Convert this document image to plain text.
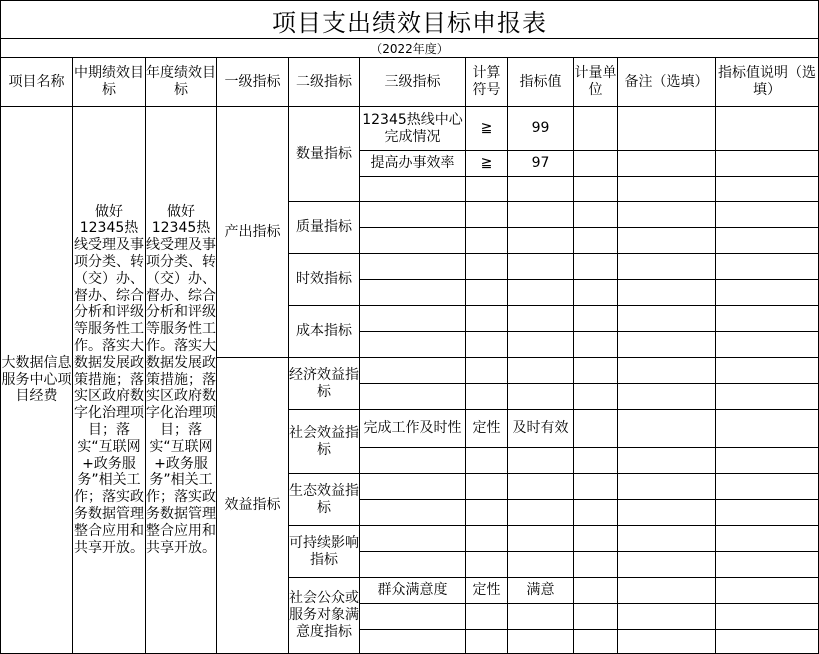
项目支出绩效目标申报表
（2022年度）
项目名称	中期绩效目标	年度绩效目标	一级指标	二级指标	三级指标	计算符号	指标值	计量单位	备注（选填）	指标值说明（选填）
大数据信息服务中心项目经费	做好12345热线受理及事项分类、转（交）办、督办、综合分析和评级等服务性工作。落实大数据发展政策措施；落实区政府数字化治理项目；落实“互联网+政务服务”相关工作；落实政务数据管理整合应用和共享开放。	做好12345热线受理及事项分类、转（交）办、督办、综合分析和评级等服务性工作。落实大数据发展政策措施；落实区政府数字化治理项目；落实“互联网+政务服务”相关工作；落实政务数据管理整合应用和共享开放。	产出指标	数量指标	12345热线中心完成情况	≧	99			
					提高办事效率	≧	97			

				质量指标						

				时效指标						

				成本指标						

			效益指标	经济效益指标						

				社会效益指标	完成工作及时性	定性	及时有效			

				生态效益指标						

				可持续影响指标						

				社会公众或服务对象满意度指标	群众满意度	定性	满意			
